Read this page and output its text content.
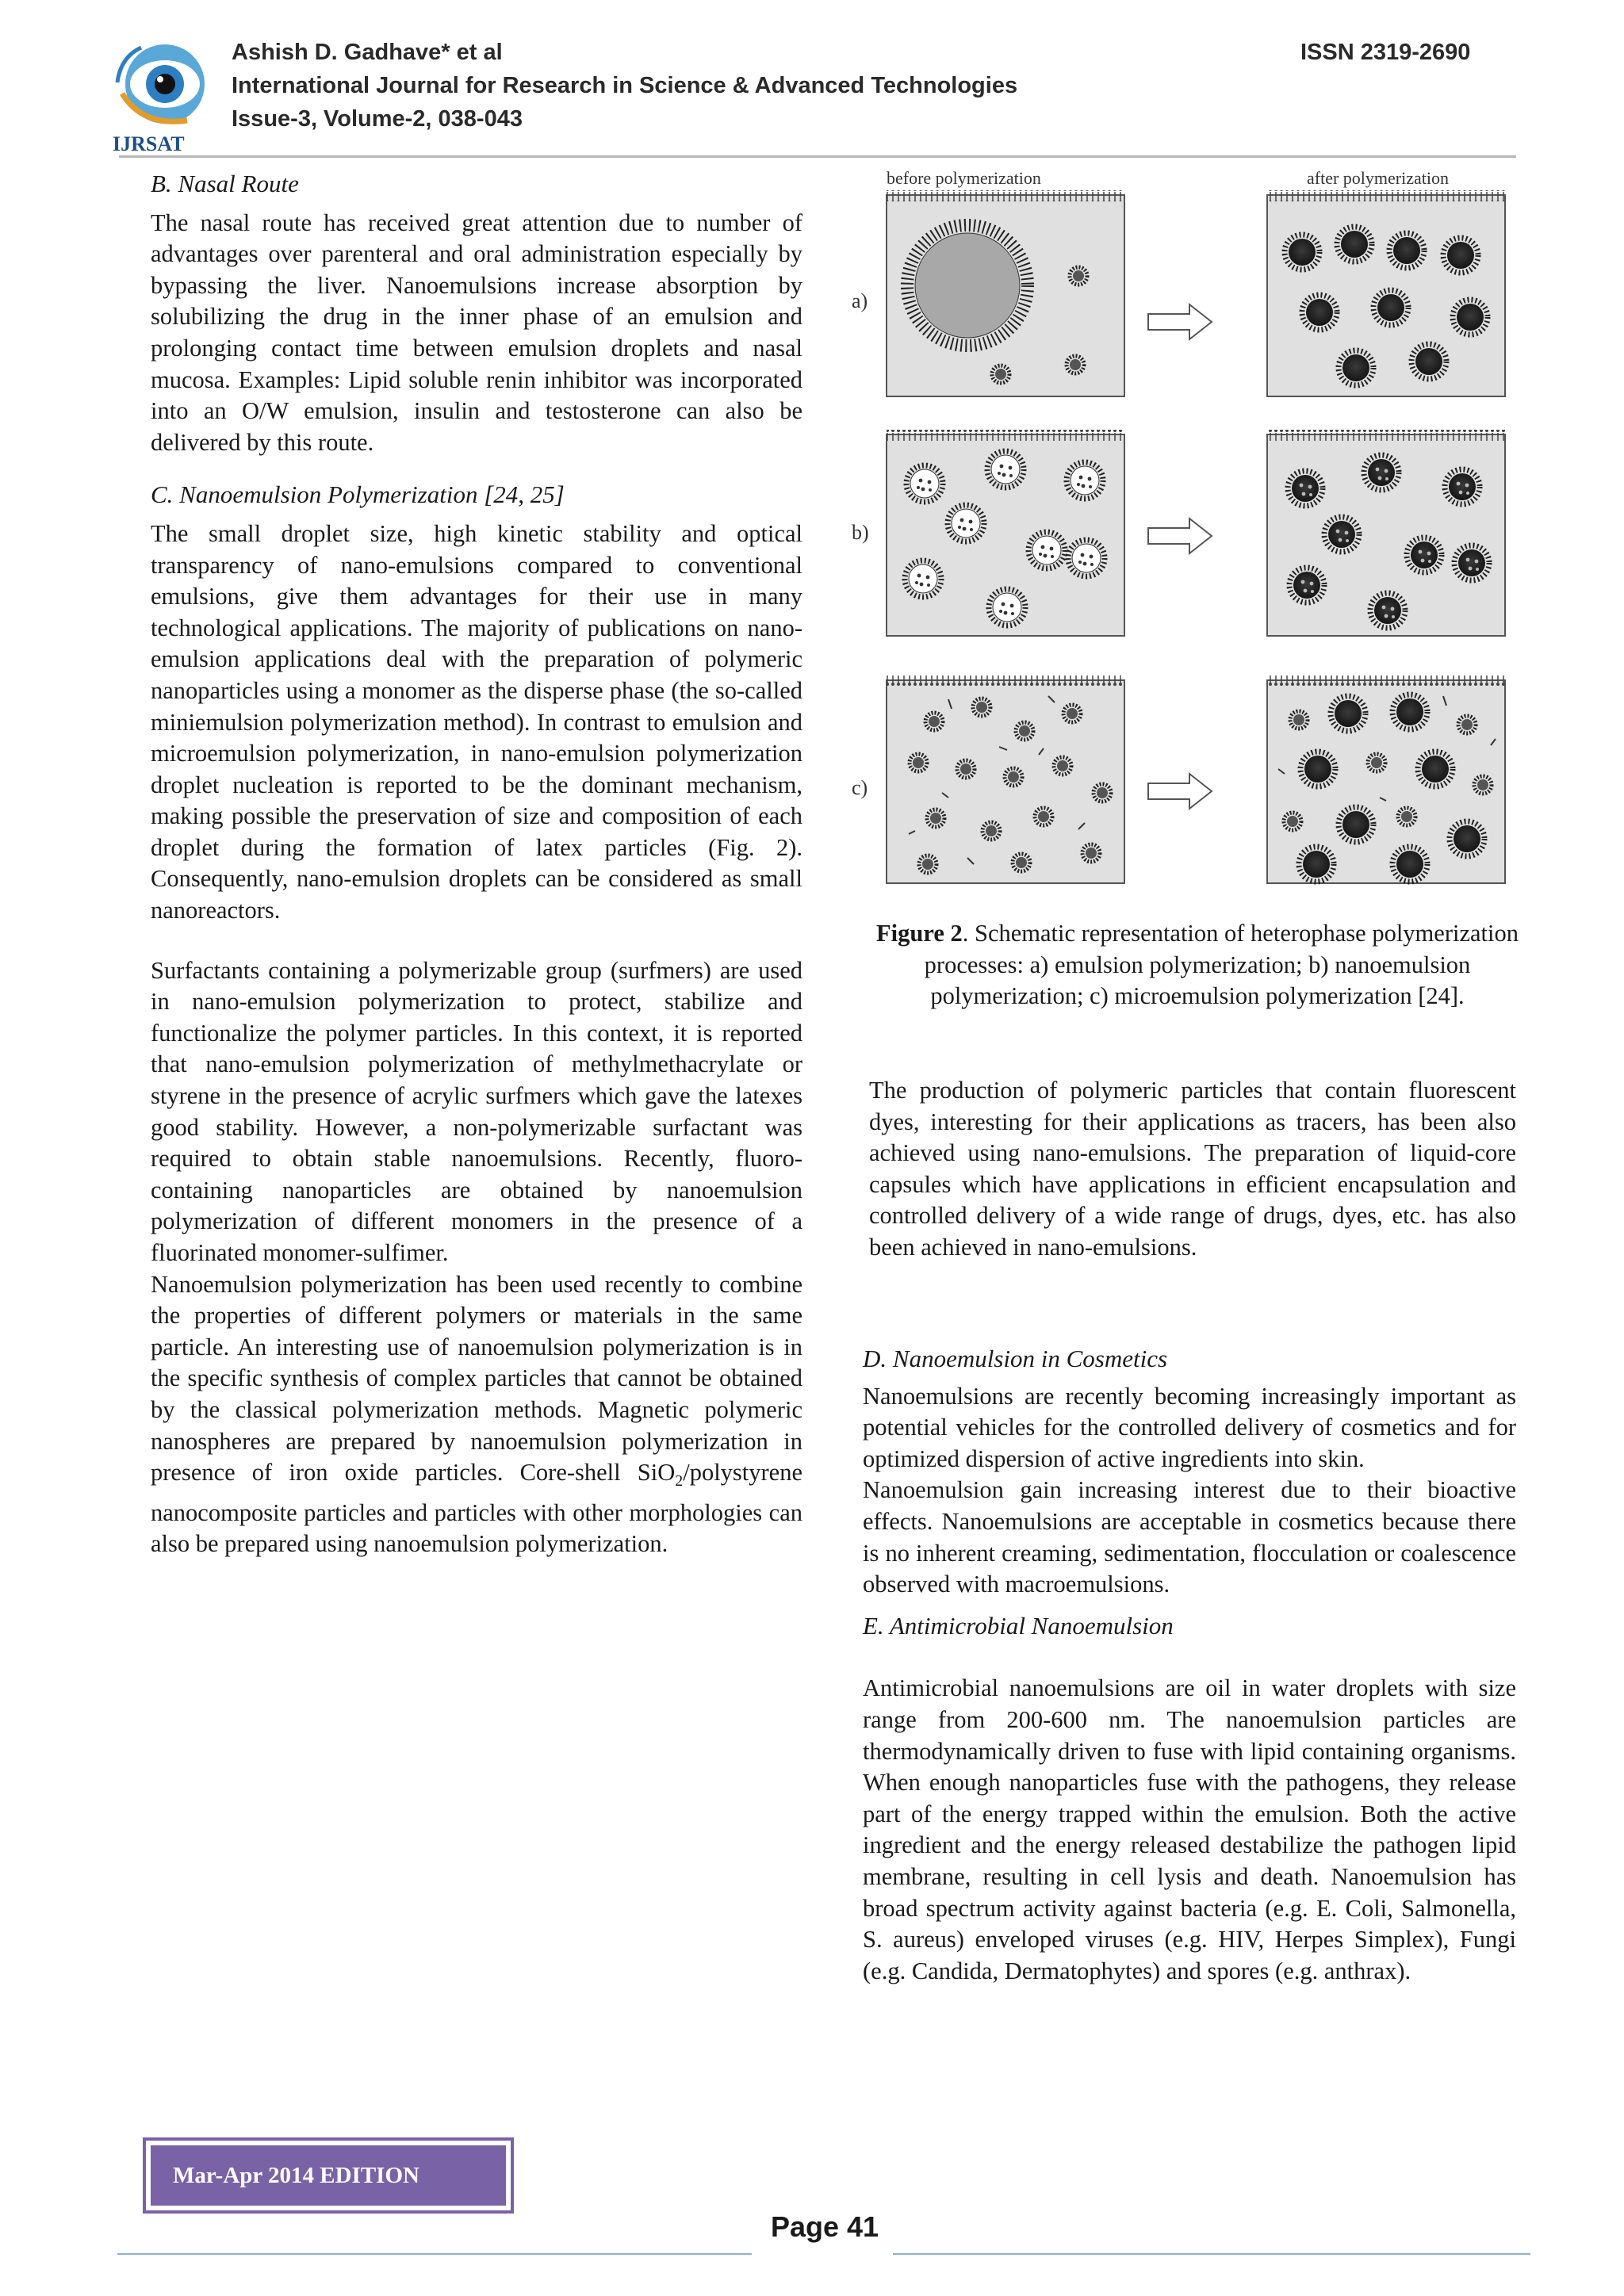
IJRSAT
Ashish D. Gadhave* et al
International Journal for Research in Science & Advanced Technologies
Issue-3, Volume-2, 038-043
ISSN 2319-2690

B. Nasal Route

The nasal route has received great attention due to number of advantages over parenteral and oral administration especially by bypassing the liver. Nanoemulsions increase absorption by solubilizing the drug in the inner phase of an emulsion and prolonging contact time between emulsion droplets and nasal mucosa. Examples: Lipid soluble renin inhibitor was incorporated into an O/W emulsion, insulin and testosterone can also be delivered by this route.

C. Nanoemulsion Polymerization [24, 25]

The small droplet size, high kinetic stability and optical transparency of nano-emulsions compared to conventional emulsions, give them advantages for their use in many technological applications. The majority of publications on nano-emulsion applications deal with the preparation of polymeric nanoparticles using a monomer as the disperse phase (the so-called miniemulsion polymerization method). In contrast to emulsion and microemulsion polymerization, in nano-emulsion polymerization droplet nucleation is reported to be the dominant mechanism, making possible the preservation of size and composition of each droplet during the formation of latex particles (Fig. 2). Consequently, nano-emulsion droplets can be considered as small nanoreactors.

Surfactants containing a polymerizable group (surfmers) are used in nano-emulsion polymerization to protect, stabilize and functionalize the polymer particles. In this context, it is reported that nano-emulsion polymerization of methylmethacrylate or styrene in the presence of acrylic surfmers which gave the latexes good stability. However, a non-polymerizable surfactant was required to obtain stable nanoemulsions. Recently, fluoro-containing nanoparticles are obtained by nanoemulsion polymerization of different monomers in the presence of a fluorinated monomer-sulfimer.

Nanoemulsion polymerization has been used recently to combine the properties of different polymers or materials in the same particle. An interesting use of nanoemulsion polymerization is in the specific synthesis of complex particles that cannot be obtained by the classical polymerization methods. Magnetic polymeric nanospheres are prepared by nanoemulsion polymerization in presence of iron oxide particles. Core-shell SiO$_2$/polystyrene nanocomposite particles and particles with other morphologies can also be prepared using nanoemulsion polymerization.

before polymerization	after polymerization
a)
b)
c)
Figure 2. Schematic representation of heterophase polymerization processes: a) emulsion polymerization; b) nanoemulsion polymerization; c) microemulsion polymerization [24].

The production of polymeric particles that contain fluorescent dyes, interesting for their applications as tracers, has been also achieved using nano-emulsions. The preparation of liquid-core capsules which have applications in efficient encapsulation and controlled delivery of a wide range of drugs, dyes, etc. has also been achieved in nano-emulsions.

D. Nanoemulsion in Cosmetics

Nanoemulsions are recently becoming increasingly important as potential vehicles for the controlled delivery of cosmetics and for optimized dispersion of active ingredients into skin.

Nanoemulsion gain increasing interest due to their bioactive effects. Nanoemulsions are acceptable in cosmetics because there is no inherent creaming, sedimentation, flocculation or coalescence observed with macroemulsions.

E. Antimicrobial Nanoemulsion

Antimicrobial nanoemulsions are oil in water droplets with size range from 200-600 nm. The nanoemulsion particles are thermodynamically driven to fuse with lipid containing organisms. When enough nanoparticles fuse with the pathogens, they release part of the energy trapped within the emulsion. Both the active ingredient and the energy released destabilize the pathogen lipid membrane, resulting in cell lysis and death. Nanoemulsion has broad spectrum activity against bacteria (e.g. E. Coli, Salmonella, S. aureus) enveloped viruses (e.g. HIV, Herpes Simplex), Fungi (e.g. Candida, Dermatophytes) and spores (e.g. anthrax).

Mar-Apr 2014 EDITION
Page 41
